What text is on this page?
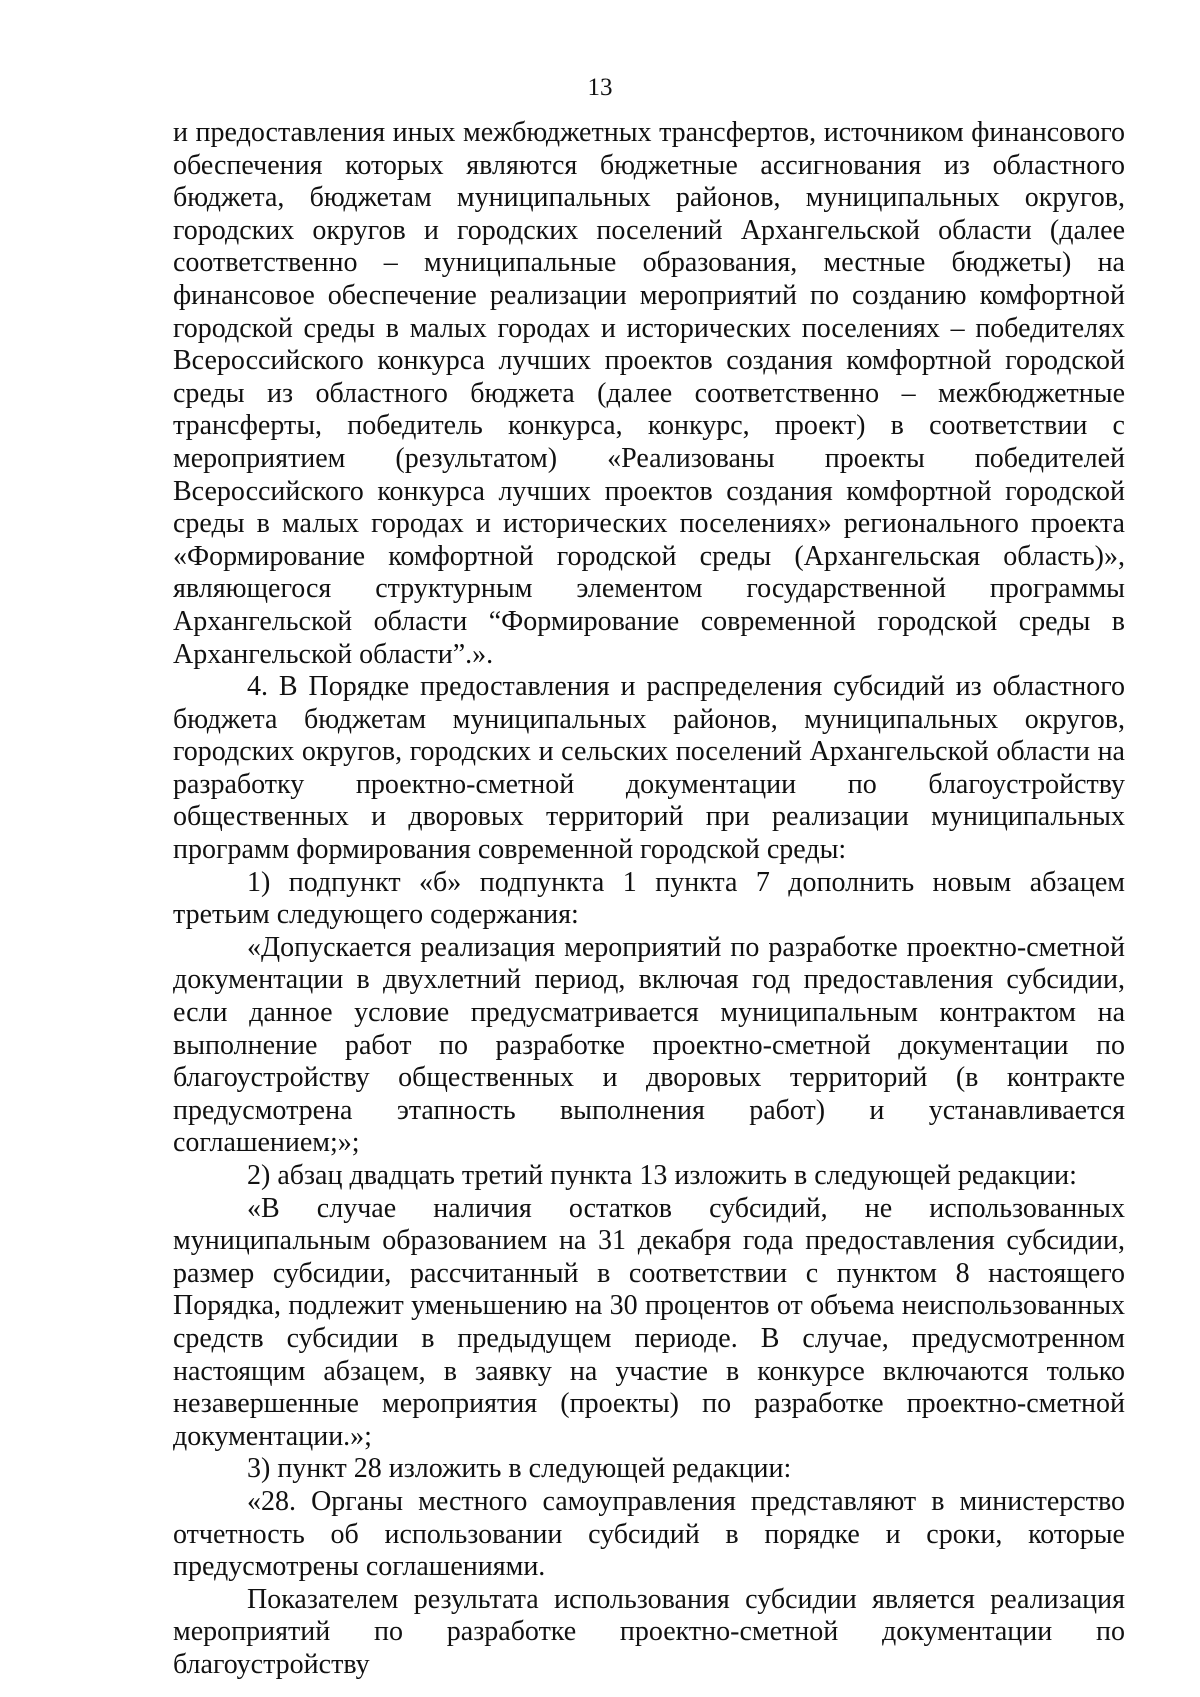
13

и предоставления иных межбюджетных трансфертов, источником финансового обеспечения которых являются бюджетные ассигнования из областного бюджета, бюджетам муниципальных районов, муниципальных округов, городских округов и городских поселений Архангельской области (далее соответственно – муниципальные образования, местные бюджеты) на финансовое обеспечение реализации мероприятий по созданию комфортной городской среды в малых городах и исторических поселениях – победителях Всероссийского конкурса лучших проектов создания комфортной городской среды из областного бюджета (далее соответственно – межбюджетные трансферты, победитель конкурса, конкурс, проект) в соответствии с мероприятием (результатом) «Реализованы проекты победителей Всероссийского конкурса лучших проектов создания комфортной городской среды в малых городах и исторических поселениях» регионального проекта «Формирование комфортной городской среды (Архангельская область)», являющегося структурным элементом государственной программы Архангельской области “Формирование современной городской среды в Архангельской области”.».

4. В Порядке предоставления и распределения субсидий из областного бюджета бюджетам муниципальных районов, муниципальных округов, городских округов, городских и сельских поселений Архангельской области на разработку проектно-сметной документации по благоустройству общественных и дворовых территорий при реализации муниципальных программ формирования современной городской среды:

1) подпункт «б» подпункта 1 пункта 7 дополнить новым абзацем третьим следующего содержания:

«Допускается реализация мероприятий по разработке проектно-сметной документации в двухлетний период, включая год предоставления субсидии, если данное условие предусматривается муниципальным контрактом на выполнение работ по разработке проектно-сметной документации по благоустройству общественных и дворовых территорий (в контракте предусмотрена этапность выполнения работ) и устанавливается соглашением;»;

2) абзац двадцать третий пункта 13 изложить в следующей редакции:

«В случае наличия остатков субсидий, не использованных муниципальным образованием на 31 декабря года предоставления субсидии, размер субсидии, рассчитанный в соответствии с пунктом 8 настоящего Порядка, подлежит уменьшению на 30 процентов от объема неиспользованных средств субсидии в предыдущем периоде. В случае, предусмотренном настоящим абзацем, в заявку на участие в конкурсе включаются только незавершенные мероприятия (проекты) по разработке проектно-сметной документации.»;

3) пункт 28 изложить в следующей редакции:

«28. Органы местного самоуправления представляют в министерство отчетность об использовании субсидий в порядке и сроки, которые предусмотрены соглашениями.

Показателем результата использования субсидии является реализация мероприятий по разработке проектно-сметной документации по благоустройству
